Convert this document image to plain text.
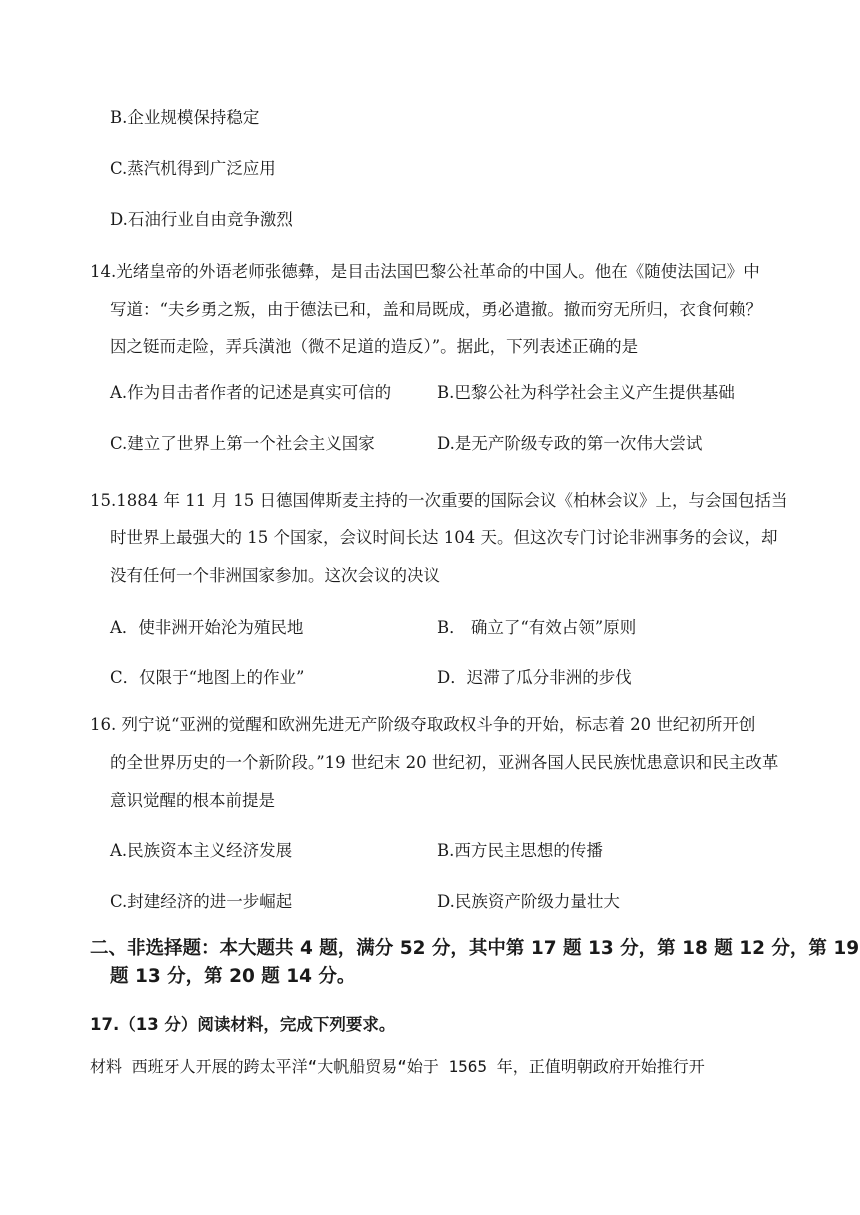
B.企业规模保持稳定
C.蒸汽机得到广泛应用
D.石油行业自由竞争激烈
14.光绪皇帝的外语老师张德彝，是目击法国巴黎公社革命的中国人。他在《随使法国记》中
写道：“夫乡勇之叛，由于德法已和，盖和局既成，勇必遣撤。撤而穷无所归，衣食何赖？
因之铤而走险，弄兵潢池（微不足道的造反）”。据此，下列表述正确的是
A.作为目击者作者的记述是真实可信的	B.巴黎公社为科学社会主义产生提供基础
C.建立了世界上第一个社会主义国家	D.是无产阶级专政的第一次伟大尝试
15.1884 年 11 月 15 日德国俾斯麦主持的一次重要的国际会议《柏林会议》上，与会国包括当
时世界上最强大的 15 个国家，会议时间长达 104 天。但这次专门讨论非洲事务的会议，却
没有任何一个非洲国家参加。这次会议的决议
A．使非洲开始沦为殖民地	B． 确立了“有效占领”原则
C．仅限于“地图上的作业”	D．迟滞了瓜分非洲的步伐
16. 列宁说“亚洲的觉醒和欧洲先进无产阶级夺取政权斗争的开始，标志着 20 世纪初所开创
的全世界历史的一个新阶段。”19 世纪末 20 世纪初，亚洲各国人民民族忧患意识和民主改革
意识觉醒的根本前提是
A.民族资本主义经济发展	B.西方民主思想的传播
C.封建经济的进一步崛起	D.民族资产阶级力量壮大
二、非选择题：本大题共 4 题，满分 52 分，其中第 17 题 13 分，第 18 题 12 分，第 19
题 13 分，第 20 题 14 分。
17.（13 分）阅读材料，完成下列要求。
材料 西班牙人开展的跨太平洋“大帆船贸易“始于 1565 年，正值明朝政府开始推行开
